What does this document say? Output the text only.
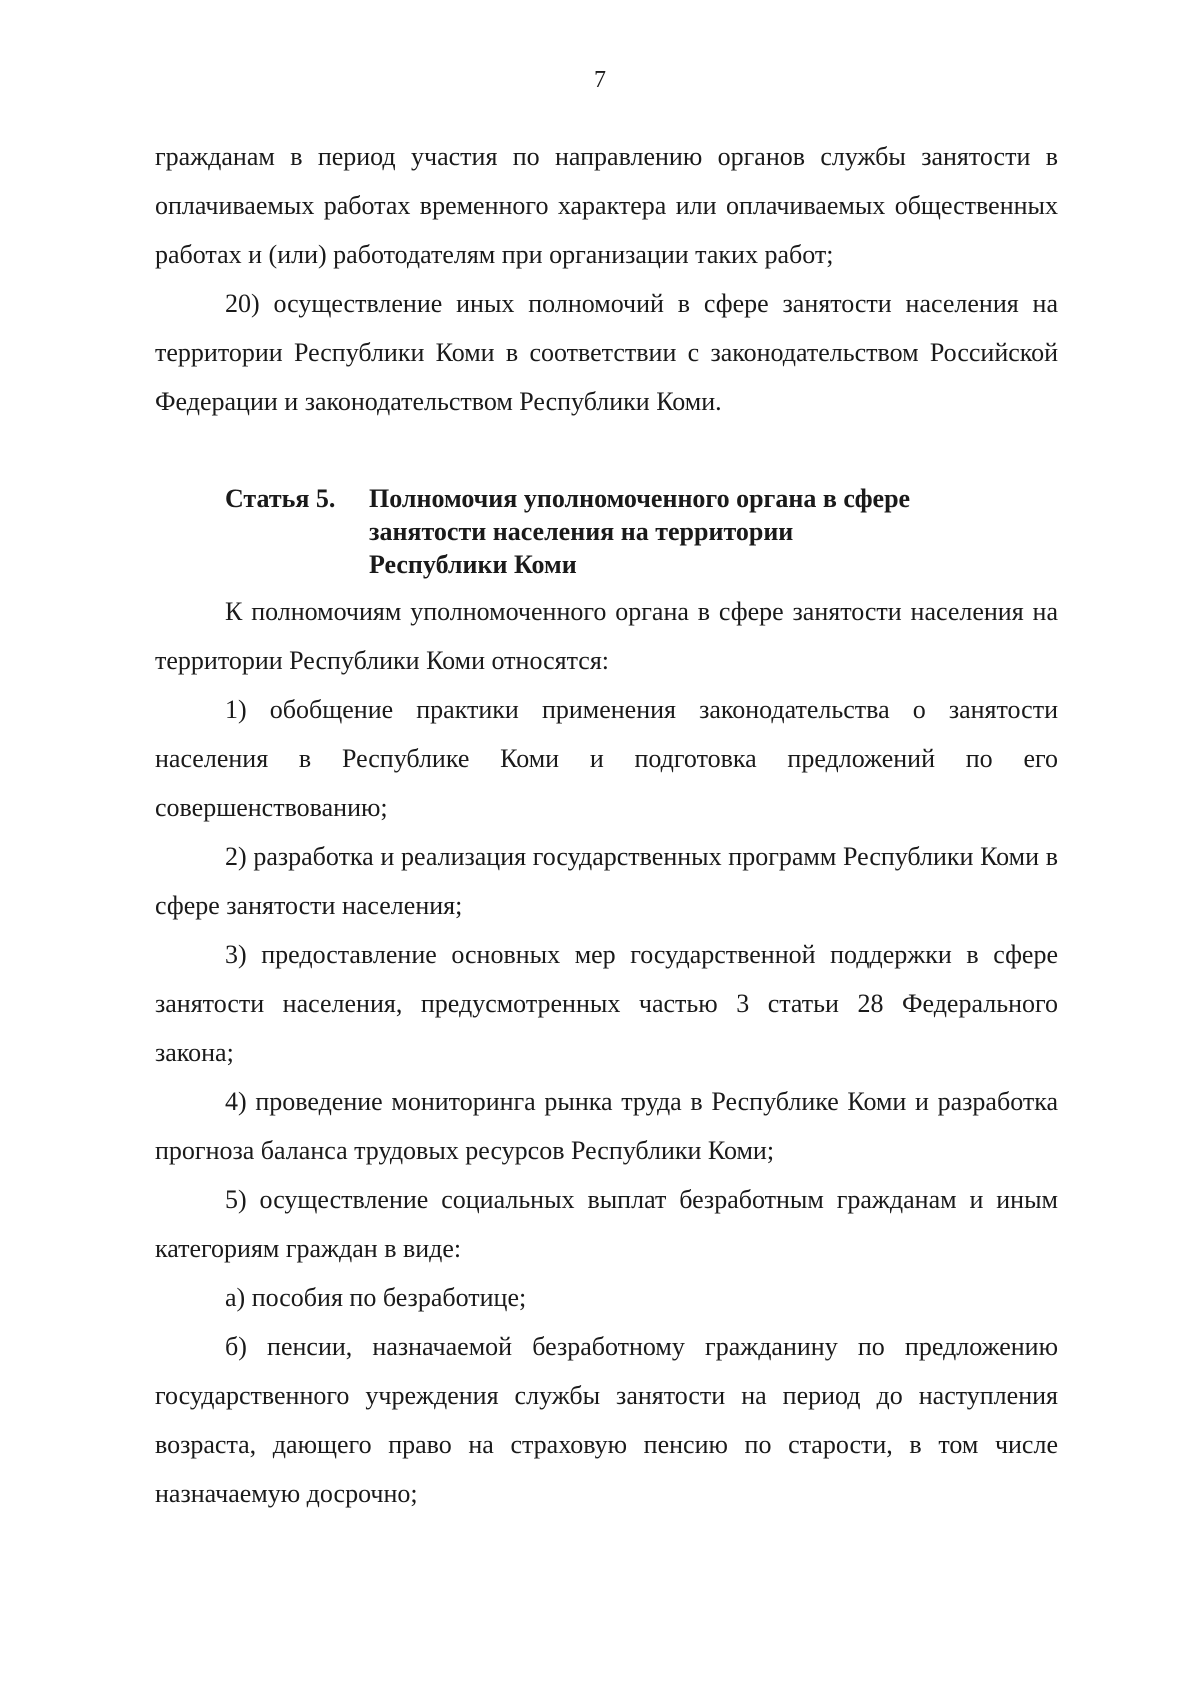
7

гражданам в период участия по направлению органов службы занятости в оплачиваемых работах временного характера или оплачиваемых общественных работах и (или) работодателям при организации таких работ;

20) осуществление иных полномочий в сфере занятости населения на территории Республики Коми в соответствии с законодательством Российской Федерации и законодательством Республики Коми.

Статья 5.	Полномочия уполномоченного органа в сфере занятости населения на территории Республики Коми

К полномочиям уполномоченного органа в сфере занятости населения на территории Республики Коми относятся:

1) обобщение практики применения законодательства о занятости населения в Республике Коми и подготовка предложений по его совершенствованию;

2) разработка и реализация государственных программ Республики Коми в сфере занятости населения;

3) предоставление основных мер государственной поддержки в сфере занятости населения, предусмотренных частью 3 статьи 28 Федерального закона;

4) проведение мониторинга рынка труда в Республике Коми и разработка прогноза баланса трудовых ресурсов Республики Коми;

5) осуществление социальных выплат безработным гражданам и иным категориям граждан в виде:

а) пособия по безработице;

б) пенсии, назначаемой безработному гражданину по предложению государственного учреждения службы занятости на период до наступления возраста, дающего право на страховую пенсию по старости, в том числе назначаемую досрочно;
